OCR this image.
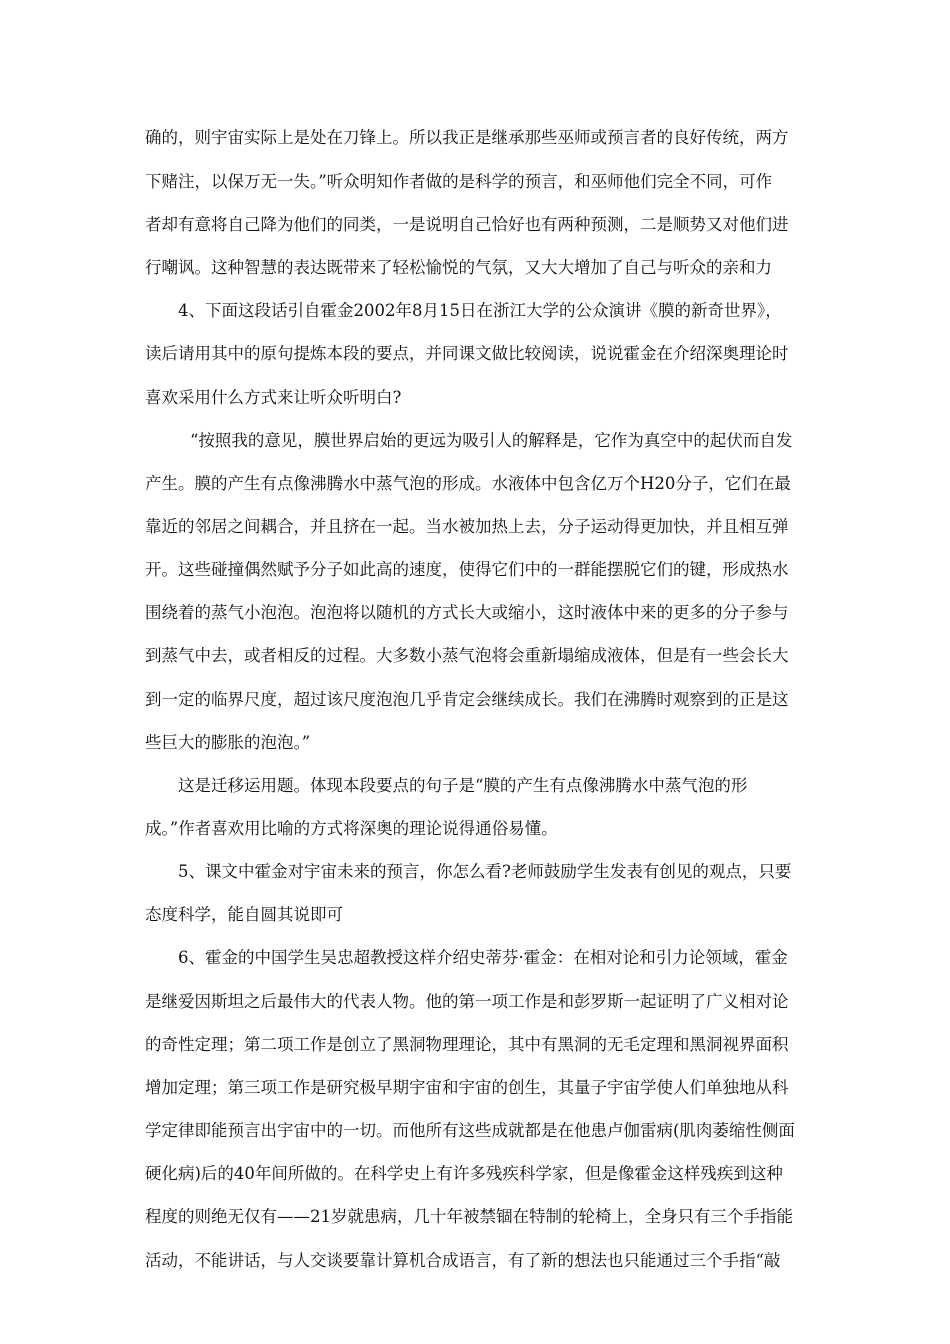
确的，则宇宙实际上是处在刀锋上。所以我正是继承那些巫师或预言者的良好传统，两方
下赌注，以保万无一失。”听众明知作者做的是科学的预言，和巫师他们完全不同，可作
者却有意将自己降为他们的同类，一是说明自己恰好也有两种预测，二是顺势又对他们进
行嘲讽。这种智慧的表达既带来了轻松愉悦的气氛，又大大增加了自己与听众的亲和力
4、下面这段话引自霍金2002年8月15日在浙江大学的公众演讲《膜的新奇世界》，
读后请用其中的原句提炼本段的要点，并同课文做比较阅读，说说霍金在介绍深奥理论时
喜欢采用什么方式来让听众听明白?
“按照我的意见，膜世界启始的更远为吸引人的解释是，它作为真空中的起伏而自发
产生。膜的产生有点像沸腾水中蒸气泡的形成。水液体中包含亿万个H20分子，它们在最
靠近的邻居之间耦合，并且挤在一起。当水被加热上去，分子运动得更加快，并且相互弹
开。这些碰撞偶然赋予分子如此高的速度，使得它们中的一群能摆脱它们的键，形成热水
围绕着的蒸气小泡泡。泡泡将以随机的方式长大或缩小，这时液体中来的更多的分子参与
到蒸气中去，或者相反的过程。大多数小蒸气泡将会重新塌缩成液体，但是有一些会长大
到一定的临界尺度，超过该尺度泡泡几乎肯定会继续成长。我们在沸腾时观察到的正是这
些巨大的膨胀的泡泡。”
这是迁移运用题。体现本段要点的句子是“膜的产生有点像沸腾水中蒸气泡的形
成。”作者喜欢用比喻的方式将深奥的理论说得通俗易懂。
5、课文中霍金对宇宙未来的预言，你怎么看?老师鼓励学生发表有创见的观点，只要
态度科学，能自圆其说即可
6、霍金的中国学生吴忠超教授这样介绍史蒂芬·霍金：在相对论和引力论领域，霍金
是继爱因斯坦之后最伟大的代表人物。他的第一项工作是和彭罗斯一起证明了广义相对论
的奇性定理；第二项工作是创立了黑洞物理理论，其中有黑洞的无毛定理和黑洞视界面积
增加定理；第三项工作是研究极早期宇宙和宇宙的创生，其量子宇宙学使人们单独地从科
学定律即能预言出宇宙中的一切。而他所有这些成就都是在他患卢伽雷病(肌肉萎缩性侧面
硬化病)后的40年间所做的。在科学史上有许多残疾科学家，但是像霍金这样残疾到这种
程度的则绝无仅有——21岁就患病，几十年被禁锢在特制的轮椅上，全身只有三个手指能
活动，不能讲话，与人交谈要靠计算机合成语言，有了新的想法也只能通过三个手指“敲
